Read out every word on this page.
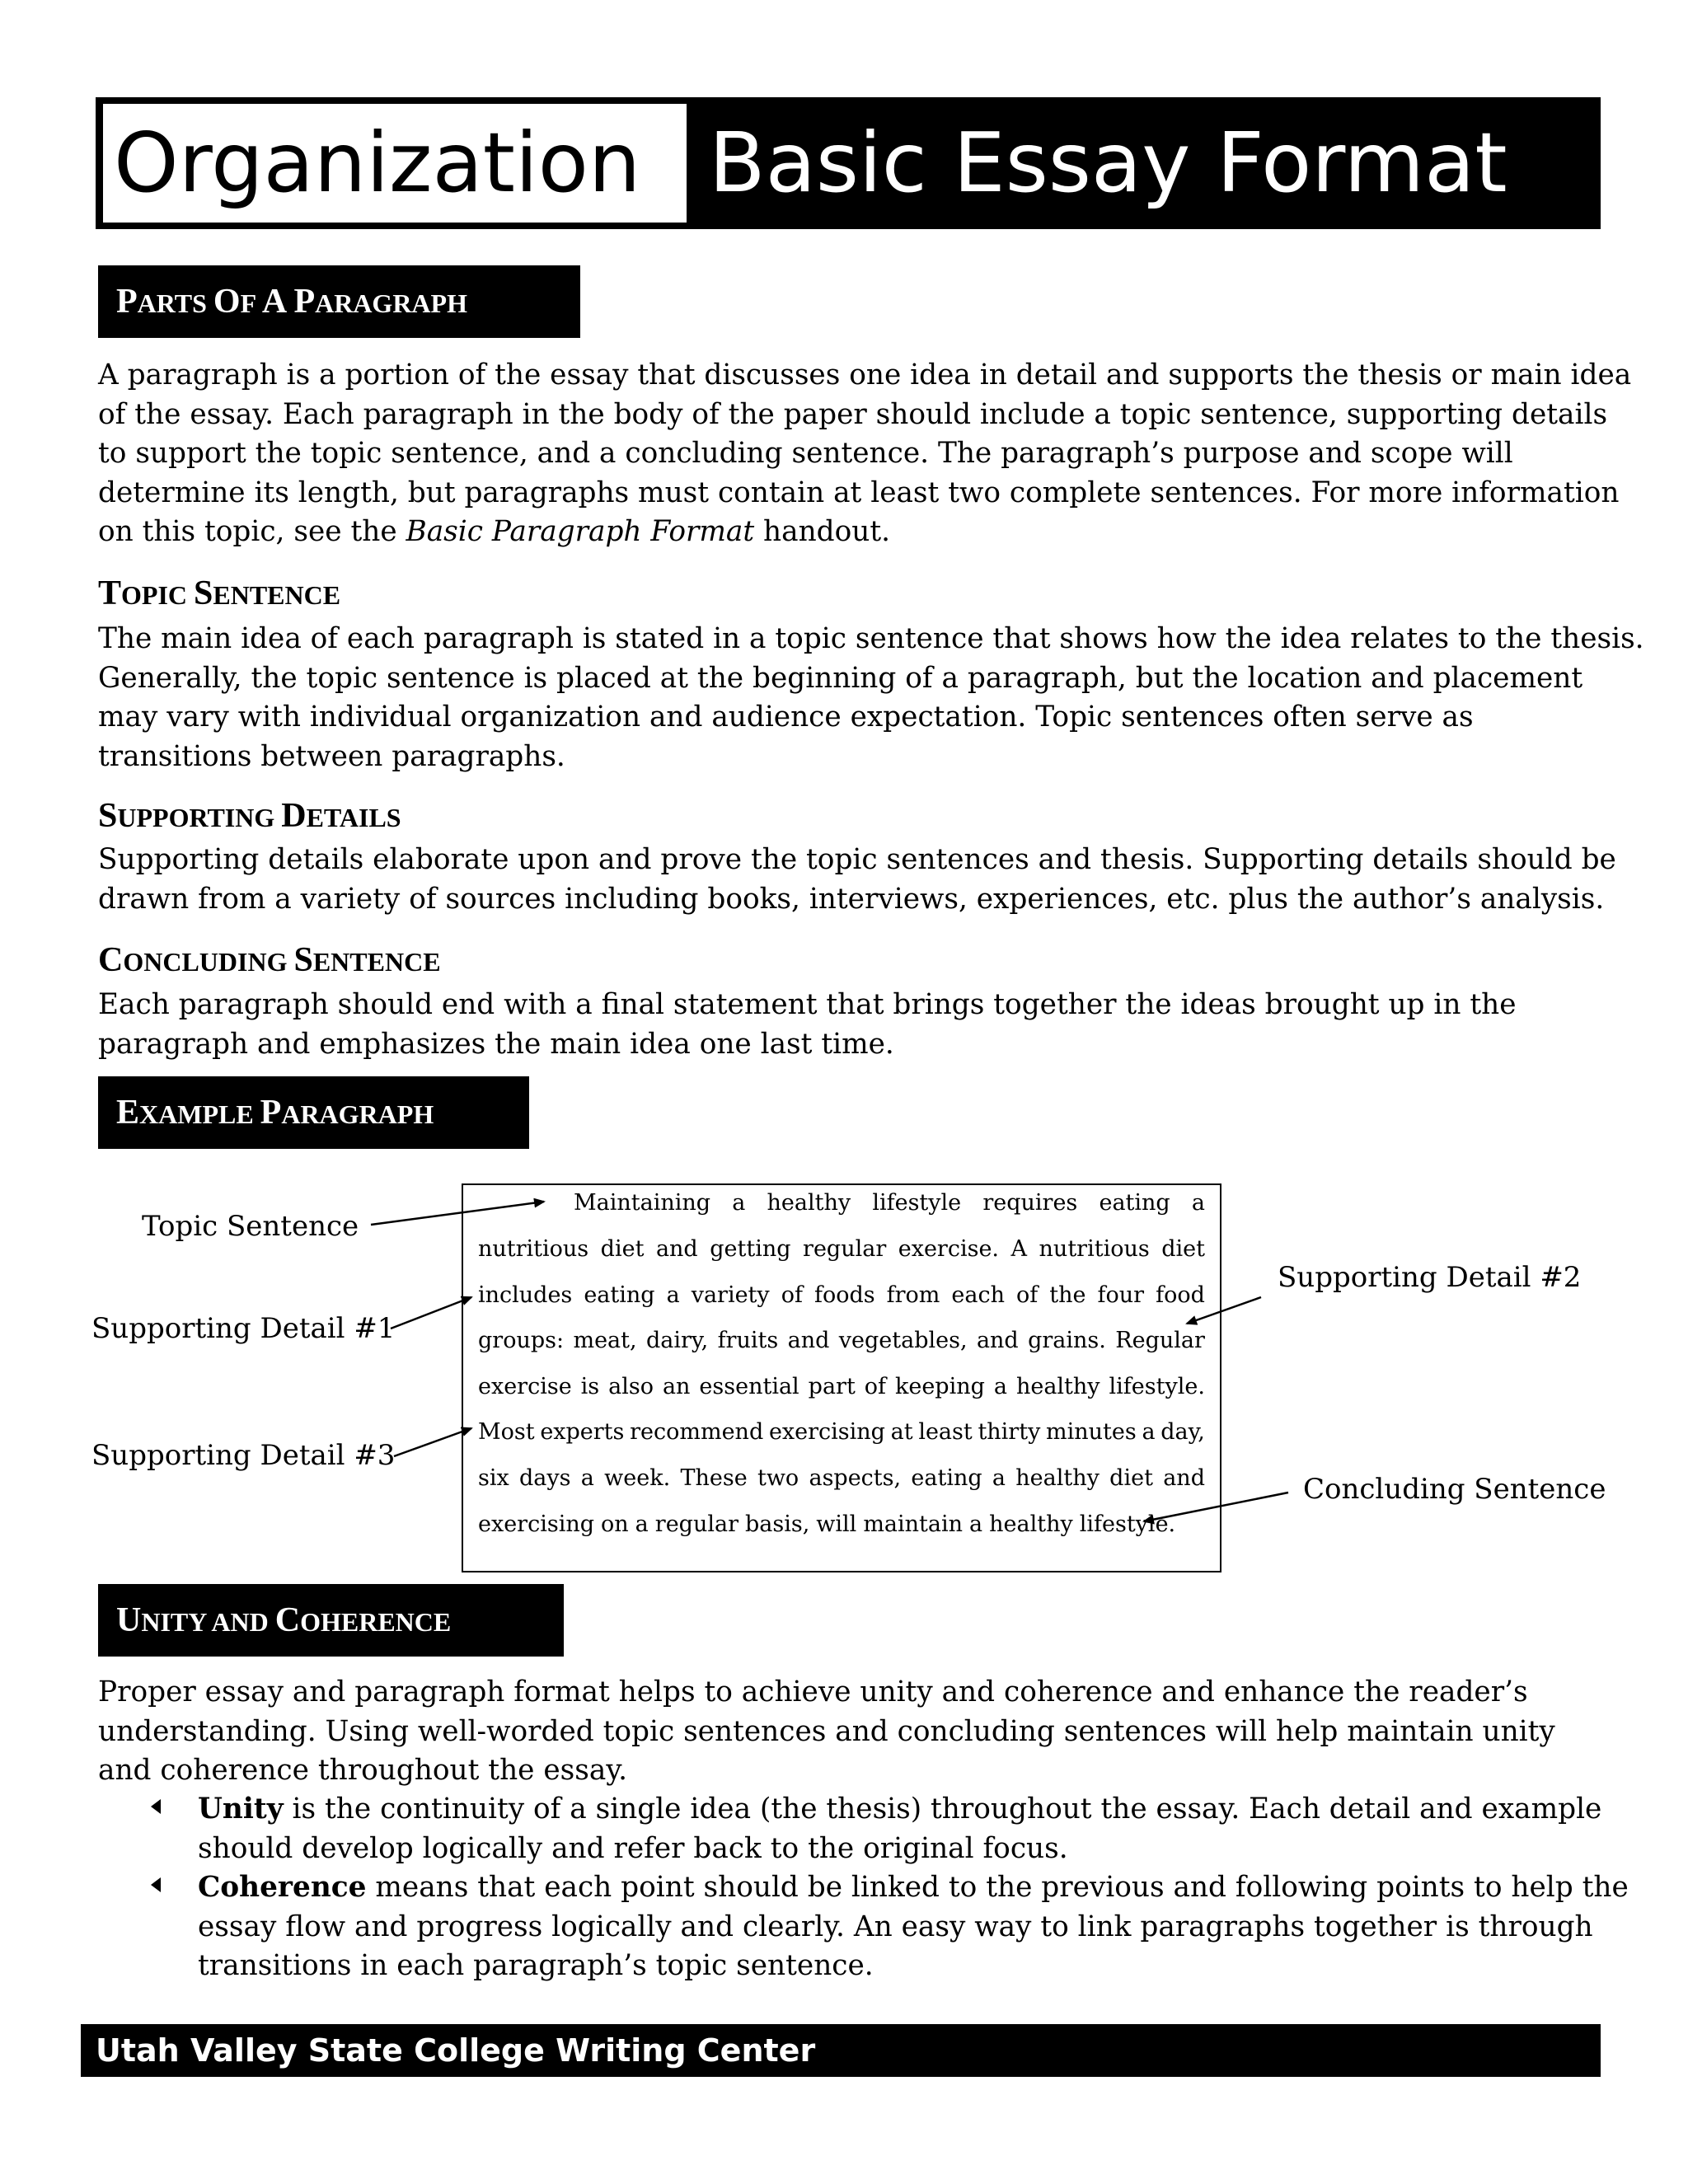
Organization Basic Essay Format
PARTS OF A PARAGRAPH
A paragraph is a portion of the essay that discusses one idea in detail and supports the thesis or main idea
of the essay. Each paragraph in the body of the paper should include a topic sentence, supporting details
to support the topic sentence, and a concluding sentence. The paragraph’s purpose and scope will
determine its length, but paragraphs must contain at least two complete sentences. For more information
on this topic, see the Basic Paragraph Format handout.
TOPIC SENTENCE
The main idea of each paragraph is stated in a topic sentence that shows how the idea relates to the thesis.
Generally, the topic sentence is placed at the beginning of a paragraph, but the location and placement
may vary with individual organization and audience expectation. Topic sentences often serve as
transitions between paragraphs.
SUPPORTING DETAILS
Supporting details elaborate upon and prove the topic sentences and thesis. Supporting details should be
drawn from a variety of sources including books, interviews, experiences, etc. plus the author’s analysis.
CONCLUDING SENTENCE
Each paragraph should end with a final statement that brings together the ideas brought up in the
paragraph and emphasizes the main idea one last time.
EXAMPLE PARAGRAPH
Maintaining a healthy lifestyle requires eating a
nutritious diet and getting regular exercise. A nutritious diet
includes eating a variety of foods from each of the four food
groups: meat, dairy, fruits and vegetables, and grains. Regular
exercise is also an essential part of keeping a healthy lifestyle.
Most experts recommend exercising at least thirty minutes a day,
six days a week. These two aspects, eating a healthy diet and
exercising on a regular basis, will maintain a healthy lifestyle.
Topic Sentence
Supporting Detail #1
Supporting Detail #2
Supporting Detail #3
Concluding Sentence
UNITY AND COHERENCE
Proper essay and paragraph format helps to achieve unity and coherence and enhance the reader’s
understanding. Using well-worded topic sentences and concluding sentences will help maintain unity
and coherence throughout the essay.
Unity is the continuity of a single idea (the thesis) throughout the essay. Each detail and example
should develop logically and refer back to the original focus.
Coherence means that each point should be linked to the previous and following points to help the
essay flow and progress logically and clearly. An easy way to link paragraphs together is through
transitions in each paragraph’s topic sentence.
Utah Valley State College Writing Center
